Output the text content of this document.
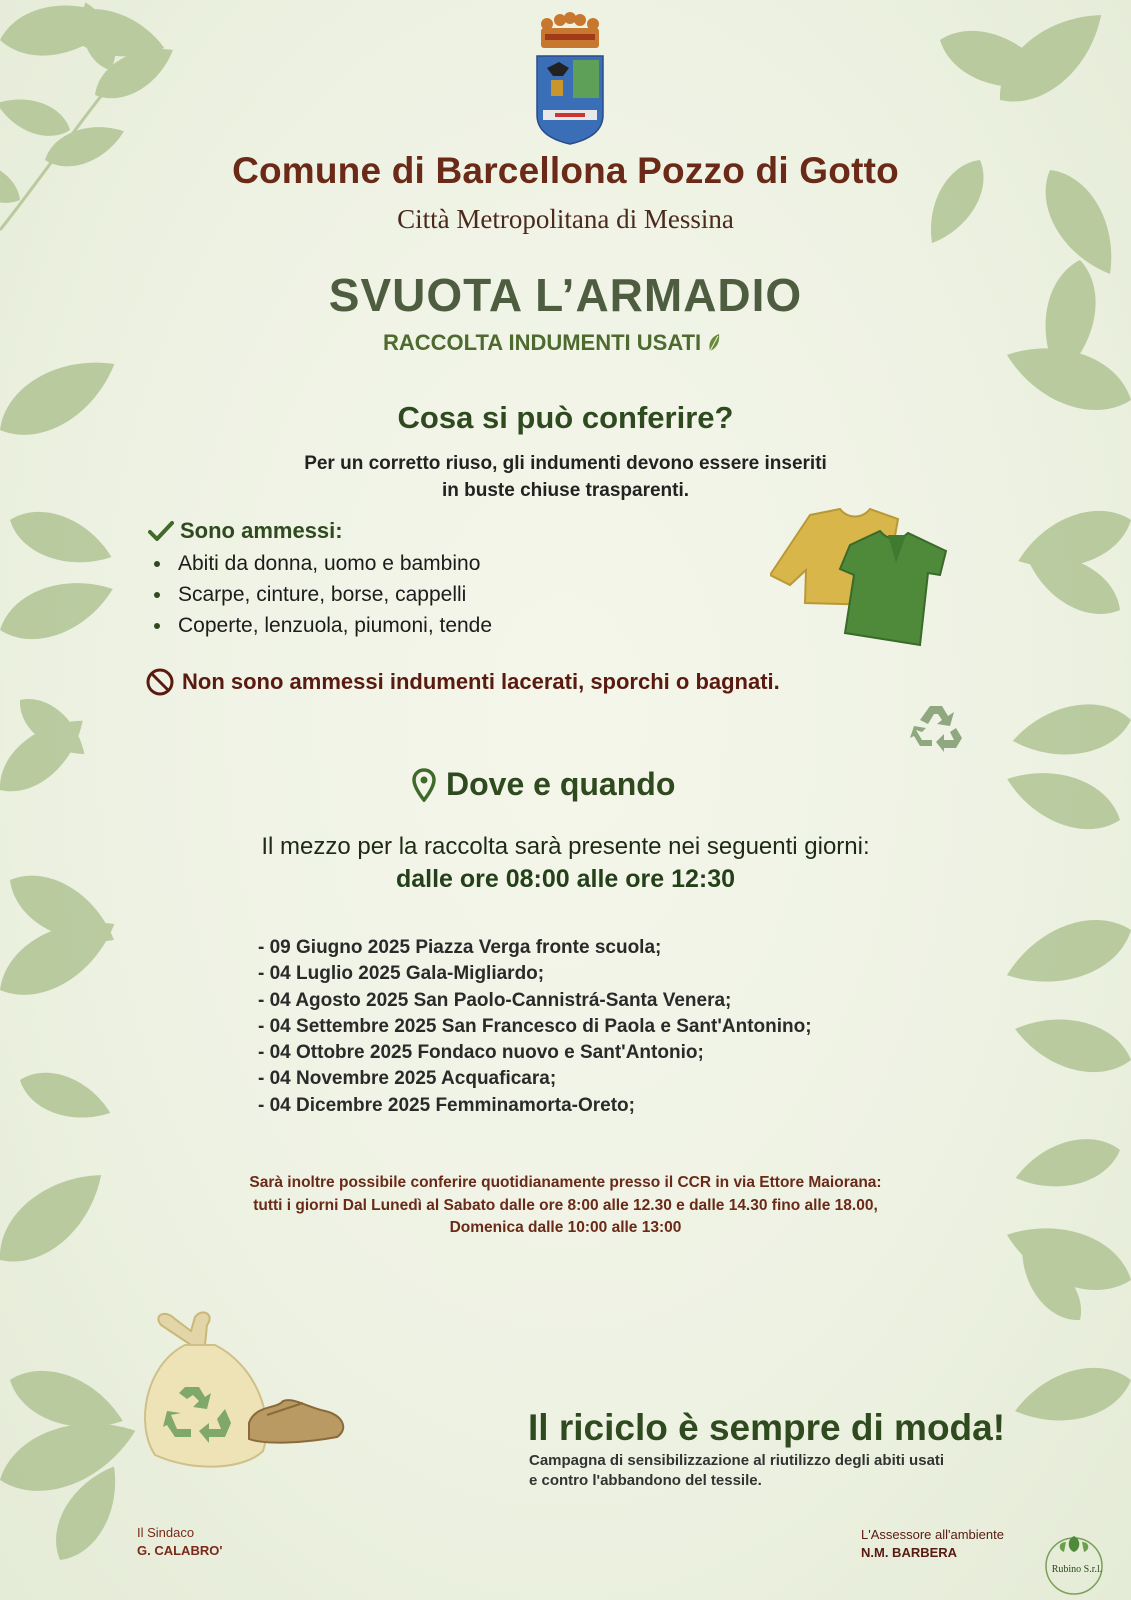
Comune di Barcellona Pozzo di Gotto
Città Metropolitana di Messina
SVUOTA L’ARMADIO
RACCOLTA INDUMENTI USATI
Cosa si può conferire?
Per un corretto riuso, gli indumenti devono essere inseriti
in buste chiuse trasparenti.
Sono ammessi:
Abiti da donna, uomo e bambino
Scarpe, cinture, borse, cappelli
Coperte, lenzuola, piumoni, tende
Non sono ammessi indumenti lacerati, sporchi o bagnati.
Dove e quando
Il mezzo per la raccolta sarà presente nei seguenti giorni:
dalle ore 08:00 alle ore 12:30
- 09 Giugno 2025 Piazza Verga fronte scuola;
- 04 Luglio 2025 Gala-Migliardo;
- 04 Agosto 2025 San Paolo-Cannistrá-Santa Venera;
- 04 Settembre 2025 San Francesco di Paola e Sant'Antonino;
- 04 Ottobre 2025 Fondaco nuovo e Sant'Antonio;
- 04 Novembre 2025 Acquaficara;
- 04 Dicembre 2025 Femminamorta-Oreto;
Sarà inoltre possibile conferire quotidianamente presso il CCR in via Ettore Maiorana:
tutti i giorni Dal Lunedì al Sabato dalle ore 8:00 alle 12.30 e dalle 14.30 fino alle 18.00,
Domenica dalle 10:00 alle 13:00
Il riciclo è sempre di moda!
Campagna di sensibilizzazione al riutilizzo degli abiti usati
e contro l'abbandono del tessile.
Il Sindaco
G. CALABRO'
L'Assessore all'ambiente
N.M. BARBERA
Rubino S.r.l.
